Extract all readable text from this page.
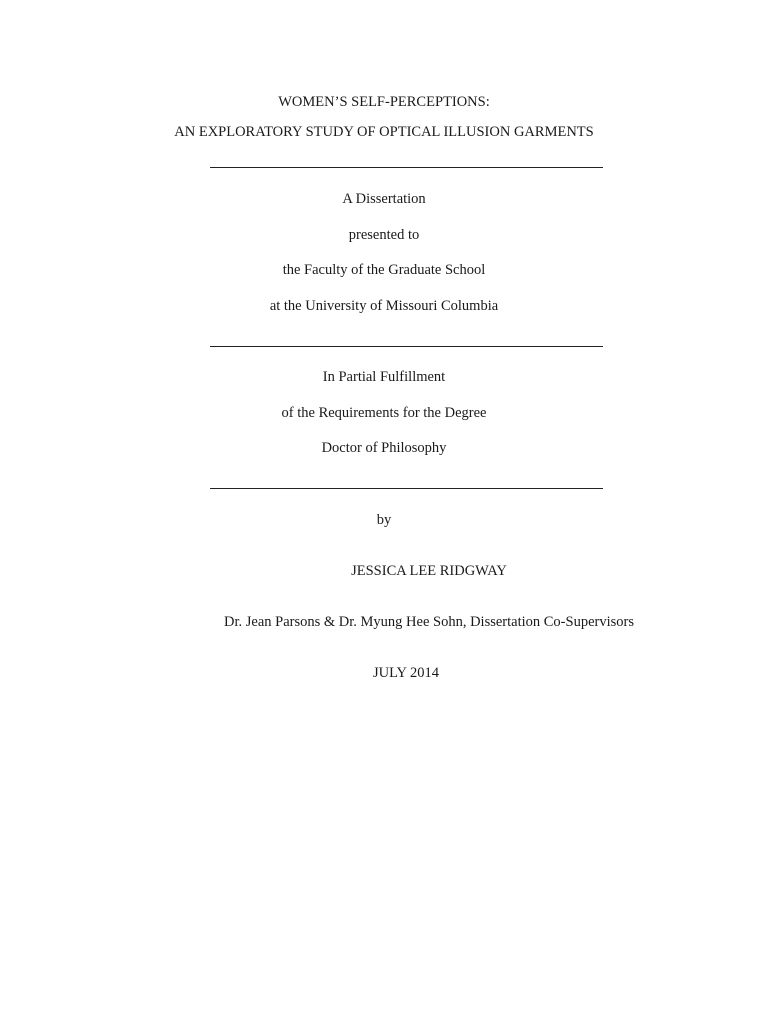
WOMEN’S SELF-PERCEPTIONS:
AN EXPLORATORY STUDY OF OPTICAL ILLUSION GARMENTS
A Dissertation
presented to
the Faculty of the Graduate School
at the University of Missouri Columbia
In Partial Fulfillment
of the Requirements for the Degree
Doctor of Philosophy
by
JESSICA LEE RIDGWAY
Dr. Jean Parsons & Dr. Myung Hee Sohn, Dissertation Co-Supervisors
JULY 2014
